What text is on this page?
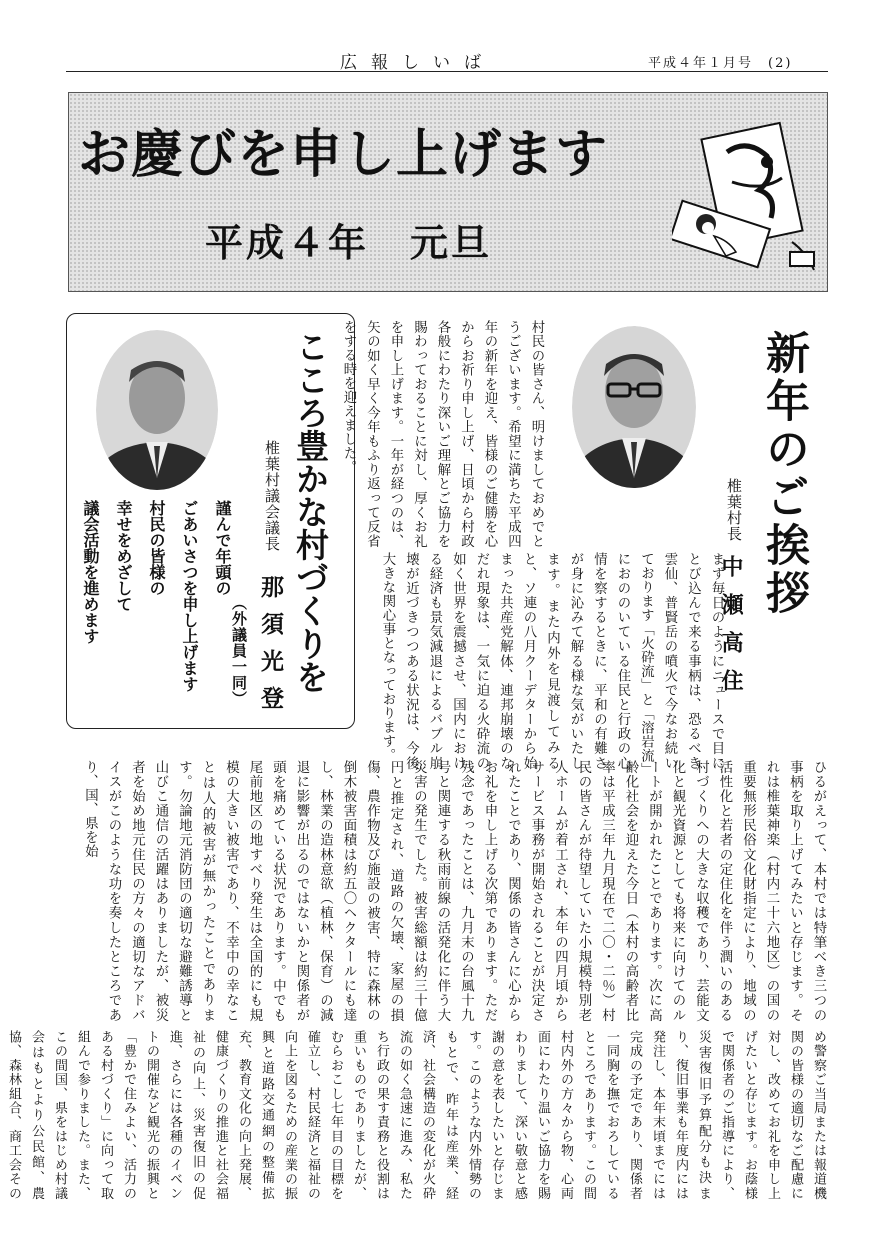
広報しいば	平成４年１月号　(2)
お慶びを申し上げます
平成４年　元旦
こころ豊かな村づくりを
椎葉村議会議長
那須光登
（外議員一同）
謹んで年頭の
ごあいさつを申し上げます
村民の皆様の
幸せをめざして
議会活動を進めます
村民の皆さん、明けましておめでとうございます。希望に満ちた平成四年の新年を迎え、皆様のご健勝を心からお祈り申し上げ、日頃から村政各般にわたり深いご理解とご協力を賜わっておることに対し、厚くお礼を申し上げます。一年が経つのは、矢の如く早く今年もふり返って反省をする時を迎えました。
まず毎日のようにニュースで目にとび込んで来る事柄は、恐るべき雲仙、普賢岳の噴火で今なお続いております「火砕流」と「溶岩流」におののいている住民と行政の心情を察するときに、平和の有難さが身に沁みて解る様な気がいたします。また内外を見渡してみると、ソ連の八月クーデターから始まった共産党解体、連邦崩壊のなだれ現象は、一気に迫る火砕流の如く世界を震撼させ、国内における経済も景気減退によるバブル崩壊が近づきつつある状況は、今後大きな関心事となっております。
新年のご挨拶
椎葉村長
中瀬高住
ひるがえって、本村では特筆べき三つの事柄を取り上げてみたいと存じます。それは椎葉神楽（村内二十六地区）の国の重要無形民俗文化財指定により、地域の活性化と若者の定住化を伴う潤いのある村づくりへの大きな収穫であり、芸能文化と観光資源としても将来に向けてのルートが開かれたことであります。次に高齢化社会を迎えた今日（本村の高齢者比率は平成三年九月現在で二〇・二％）村民の皆さんが待望していた小規模特別老人ホームが着工され、本年の四月頃からサービス事務が開始されることが決定されたことであり、関係の皆さんに心からお礼を申し上げる次第であります。ただ残念であったことは、九月末の台風十九号と関連する秋雨前線の活発化に伴う大災害の発生でした。被害総額は約三十億円と推定され、道路の欠壊、家屋の損傷、農作物及び施設の被害、特に森林の倒木被害面積は約五〇ヘクタールにも達し、林業の造林意欲（植林、保育）の減退に影響が出るのではないかと関係者が頭を痛めている状況であります。中でも尾前地区の地すべり発生は全国的にも規模の大きい被害であり、不幸中の幸なことは人的被害が無かったことであります。勿論地元消防団の適切な避難誘導と山びこ通信の活躍はありましたが、被災者を始め地元住民の方々の適切なアドバイスがこのような功を奏したところであり、国、県を始
め警察ご当局または報道機関の皆様の適切なご配慮に対し、改めてお礼を申し上げたいと存じます。お蔭様で関係者のご指導により、災害復旧予算配分も決まり、復旧事業も年度内には発注し、本年末頃までには完成の予定であり、関係者一同胸を撫でおろしているところであります。この間村内外の方々から物、心両面にわたり温いご協力を賜わりまして、深い敬意と感謝の意を表したいと存じます。このような内外情勢のもとで、昨年は産業、経済、社会構造の変化が火砕流の如く急速に進み、私たち行政の果す責務と役割は重いものでありましたが、むらおこし七年目の目標を確立し、村民経済と福祉の向上を図るための産業の振興と道路交通網の整備拡充、教育文化の向上発展、健康づくりの推進と社会福祉の向上、災害復旧の促進、さらには各種のイベントの開催など観光の振興と「豊かで住みよい、活力のある村づくり」に向って取組んで参りました。また、この間国、県をはじめ村議会はもとより公民館、農協、森林組合、商工会その
